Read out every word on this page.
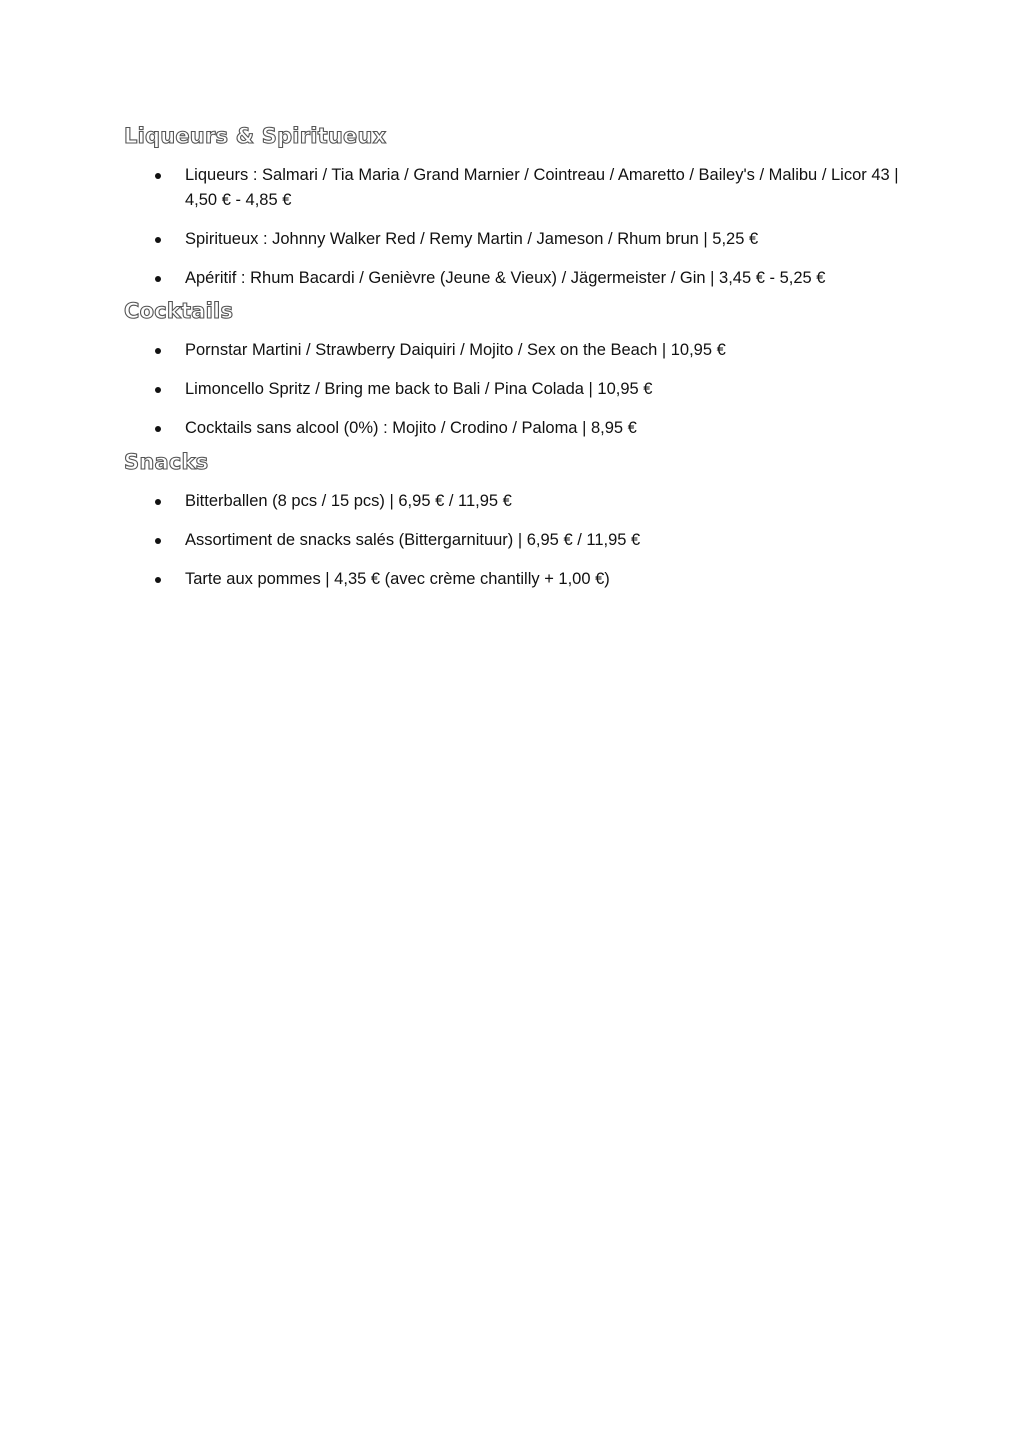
Liqueurs & Spiritueux
Liqueurs : Salmari / Tia Maria / Grand Marnier / Cointreau / Amaretto / Bailey's / Malibu / Licor 43 | 4,50 € - 4,85 €
Spiritueux : Johnny Walker Red / Remy Martin / Jameson / Rhum brun | 5,25 €
Apéritif : Rhum Bacardi / Genièvre (Jeune & Vieux) / Jägermeister / Gin | 3,45 € - 5,25 €
Cocktails
Pornstar Martini / Strawberry Daiquiri / Mojito / Sex on the Beach | 10,95 €
Limoncello Spritz / Bring me back to Bali / Pina Colada | 10,95 €
Cocktails sans alcool (0%) : Mojito / Crodino / Paloma | 8,95 €
Snacks
Bitterballen (8 pcs / 15 pcs) | 6,95 € / 11,95 €
Assortiment de snacks salés (Bittergarnituur) | 6,95 € / 11,95 €
Tarte aux pommes | 4,35 € (avec crème chantilly + 1,00 €)
